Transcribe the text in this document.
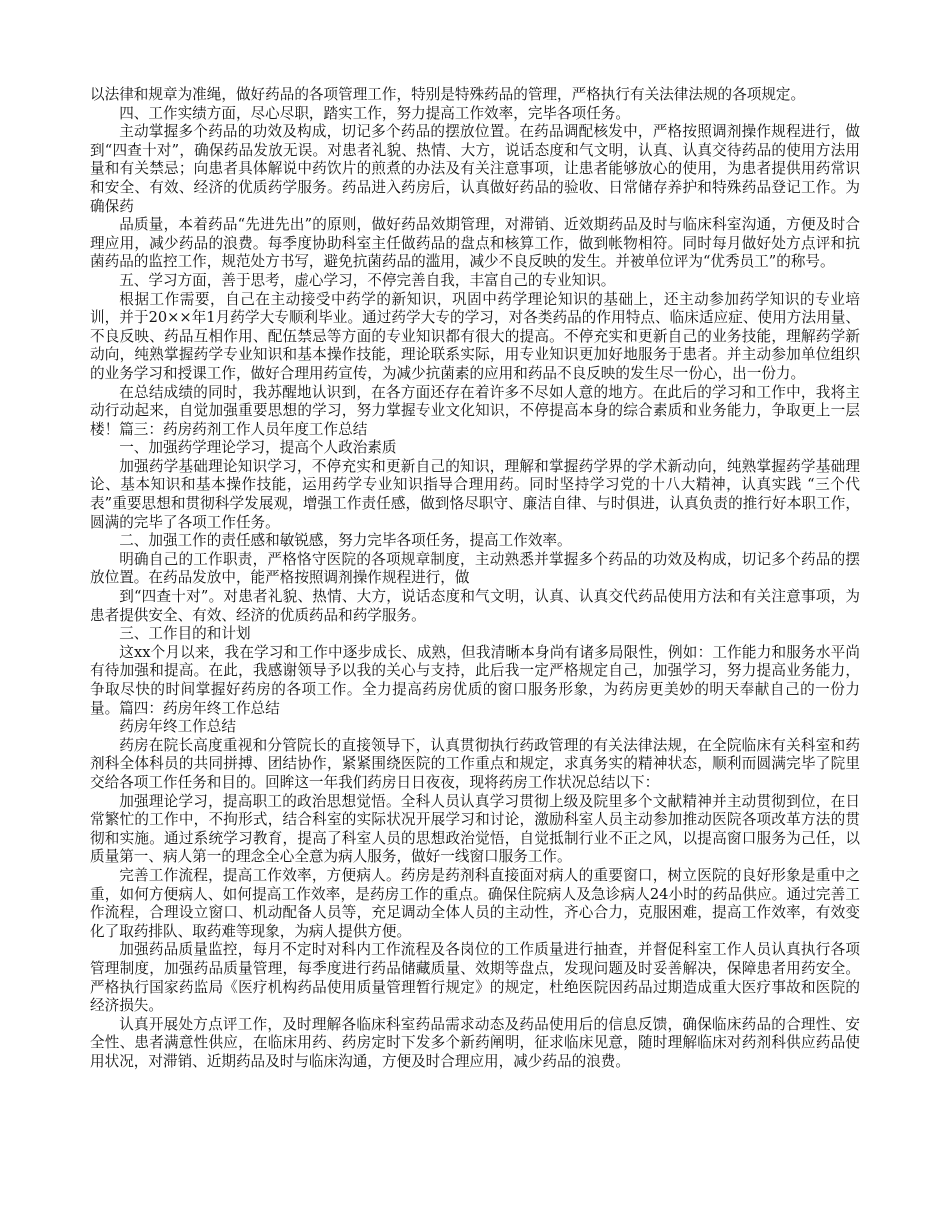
以法律和规章为准绳，做好药品的各项管理工作，特别是特殊药品的管理，严格执行有关法律法规的各项规定。

四、工作实绩方面，尽心尽职，踏实工作，努力提高工作效率，完毕各项任务。

主动掌握多个药品的功效及构成，切记多个药品的摆放位置。在药品调配核发中，严格按照调剂操作规程进行，做到“四查十对”，确保药品发放无误。对患者礼貌、热情、大方，说话态度和气文明，认真、认真交待药品的使用方法用量和有关禁忌；向患者具体解说中药饮片的煎煮的办法及有关注意事项，让患者能够放心的使用，为患者提供用药常识和安全、有效、经济的优质药学服务。药品进入药房后，认真做好药品的验收、日常储存养护和特殊药品登记工作。为确保药

品质量，本着药品“先进先出”的原则，做好药品效期管理，对滞销、近效期药品及时与临床科室沟通，方便及时合理应用，减少药品的浪费。每季度协助科室主任做药品的盘点和核算工作，做到帐物相符。同时每月做好处方点评和抗菌药品的监控工作，规范处方书写，避免抗菌药品的滥用，减少不良反映的发生。并被单位评为“优秀员工”的称号。

五、学习方面，善于思考，虚心学习，不停完善自我，丰富自己的专业知识。

根据工作需要，自己在主动接受中药学的新知识，巩固中药学理论知识的基础上，还主动参加药学知识的专业培训，并于20××年1月药学大专顺利毕业。通过药学大专的学习，对各类药品的作用特点、临床适应症、使用方法用量、不良反映、药品互相作用、配伍禁忌等方面的专业知识都有很大的提高。不停充实和更新自己的业务技能，理解药学新动向，纯熟掌握药学专业知识和基本操作技能，理论联系实际，用专业知识更加好地服务于患者。并主动参加单位组织的业务学习和授课工作，做好合理用药宣传，为减少抗菌素的应用和药品不良反映的发生尽一份心，出一份力。

在总结成绩的同时，我苏醒地认识到，在各方面还存在着许多不尽如人意的地方。在此后的学习和工作中，我将主动行动起来，自觉加强重要思想的学习，努力掌握专业文化知识，不停提高本身的综合素质和业务能力，争取更上一层楼！篇三：药房药剂工作人员年度工作总结

一、加强药学理论学习，提高个人政治素质

加强药学基础理论知识学习，不停充实和更新自己的知识，理解和掌握药学界的学术新动向，纯熟掌握药学基础理论、基本知识和基本操作技能，运用药学专业知识指导合理用药。同时坚持学习党的十八大精神，认真实践 “三个代表”重要思想和贯彻科学发展观，增强工作责任感，做到恪尽职守、廉洁自律、与时俱进，认真负责的推行好本职工作，圆满的完毕了各项工作任务。

二、加强工作的责任感和敏锐感，努力完毕各项任务，提高工作效率。

明确自己的工作职责，严格恪守医院的各项规章制度，主动熟悉并掌握多个药品的功效及构成，切记多个药品的摆放位置。在药品发放中，能严格按照调剂操作规程进行，做

到“四查十对”。对患者礼貌、热情、大方，说话态度和气文明，认真、认真交代药品使用方法和有关注意事项，为患者提供安全、有效、经济的优质药品和药学服务。

三、工作目的和计划

这xx个月以来，我在学习和工作中逐步成长、成熟，但我清晰本身尚有诸多局限性，例如：工作能力和服务水平尚有待加强和提高。在此，我感谢领导予以我的关心与支持，此后我一定严格规定自己，加强学习，努力提高业务能力，争取尽快的时间掌握好药房的各项工作。全力提高药房优质的窗口服务形象，为药房更美妙的明天奉献自己的一份力量。篇四：药房年终工作总结

药房年终工作总结

药房在院长高度重视和分管院长的直接领导下，认真贯彻执行药政管理的有关法律法规，在全院临床有关科室和药剂科全体科员的共同拼搏、团结协作，紧紧围绕医院的工作重点和规定，求真务实的精神状态，顺利而圆满完毕了院里交给各项工作任务和目的。回眸这一年我们药房日日夜夜，现将药房工作状况总结以下：

加强理论学习，提高职工的政治思想觉悟。全科人员认真学习贯彻上级及院里多个文献精神并主动贯彻到位，在日常繁忙的工作中，不拘形式，结合科室的实际状况开展学习和讨论，激励科室人员主动参加推动医院各项改革方法的贯彻和实施。通过系统学习教育，提高了科室人员的思想政治觉悟，自觉抵制行业不正之风，以提高窗口服务为己任，以质量第一、病人第一的理念全心全意为病人服务，做好一线窗口服务工作。

完善工作流程，提高工作效率，方便病人。药房是药剂科直接面对病人的重要窗口，树立医院的良好形象是重中之重，如何方便病人、如何提高工作效率，是药房工作的重点。确保住院病人及急诊病人24小时的药品供应。通过完善工作流程，合理设立窗口、机动配备人员等，充足调动全体人员的主动性，齐心合力，克服困难，提高工作效率，有效变化了取药排队、取药难等现象，为病人提供方便。

加强药品质量监控，每月不定时对科内工作流程及各岗位的工作质量进行抽查，并督促科室工作人员认真执行各项管理制度，加强药品质量管理，每季度进行药品储藏质量、效期等盘点，发现问题及时妥善解决，保障患者用药安全。严格执行国家药监局《医疗机构药品使用质量管理暂行规定》的规定，杜绝医院因药品过期造成重大医疗事故和医院的经济损失。

认真开展处方点评工作，及时理解各临床科室药品需求动态及药品使用后的信息反馈，确保临床药品的合理性、安全性、患者满意性供应，在临床用药、药房定时下发多个新药阐明，征求临床见意，随时理解临床对药剂科供应药品使用状况，对滞销、近期药品及时与临床沟通，方便及时合理应用，减少药品的浪费。
